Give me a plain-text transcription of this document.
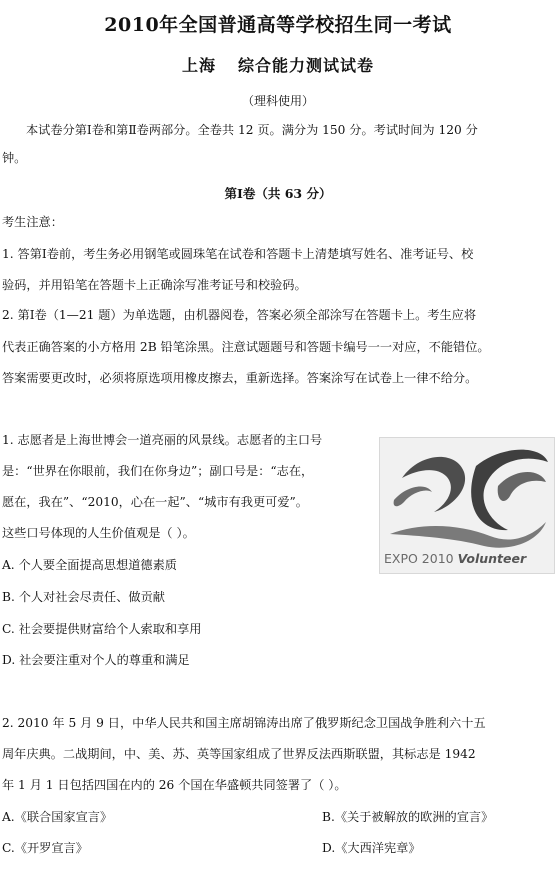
2010年全国普通高等学校招生同一考试
上海 综合能力测试试卷
（理科使用）
本试卷分第Ⅰ卷和第Ⅱ卷两部分。全卷共 12 页。满分为 150 分。考试时间为 120 分
钟。
第Ⅰ卷（共 63 分）
考生注意：
1. 答第Ⅰ卷前，考生务必用钢笔或圆珠笔在试卷和答题卡上清楚填写姓名、准考证号、校
验码，并用铅笔在答题卡上正确涂写准考证号和校验码。
2. 第Ⅰ卷（1—21 题）为单选题，由机器阅卷，答案必须全部涂写在答题卡上。考生应将
代表正确答案的小方格用 2B 铅笔涂黑。注意试题题号和答题卡编号一一对应，不能错位。
答案需要更改时，必须将原选项用橡皮擦去，重新选择。答案涂写在试卷上一律不给分。
1. 志愿者是上海世博会一道亮丽的风景线。志愿者的主口号
是：“世界在你眼前，我们在你身边”；副口号是：“志在，
愿在，我在”、“2010，心在一起”、“城市有我更可爱”。
这些口号体现的人生价值观是（ ）。
A. 个人要全面提高思想道德素质
B. 个人对社会尽责任、做贡献
C. 社会要提供财富给个人索取和享用
D. 社会要注重对个人的尊重和满足
EXPO 2010 Volunteer
2. 2010 年 5 月 9 日，中华人民共和国主席胡锦涛出席了俄罗斯纪念卫国战争胜利六十五
周年庆典。二战期间，中、美、苏、英等国家组成了世界反法西斯联盟，其标志是 1942
年 1 月 1 日包括四国在内的 26 个国在华盛顿共同签署了（ ）。
A.《联合国家宣言》	B.《关于被解放的欧洲的宣言》
C.《开罗宣言》	D.《大西洋宪章》
